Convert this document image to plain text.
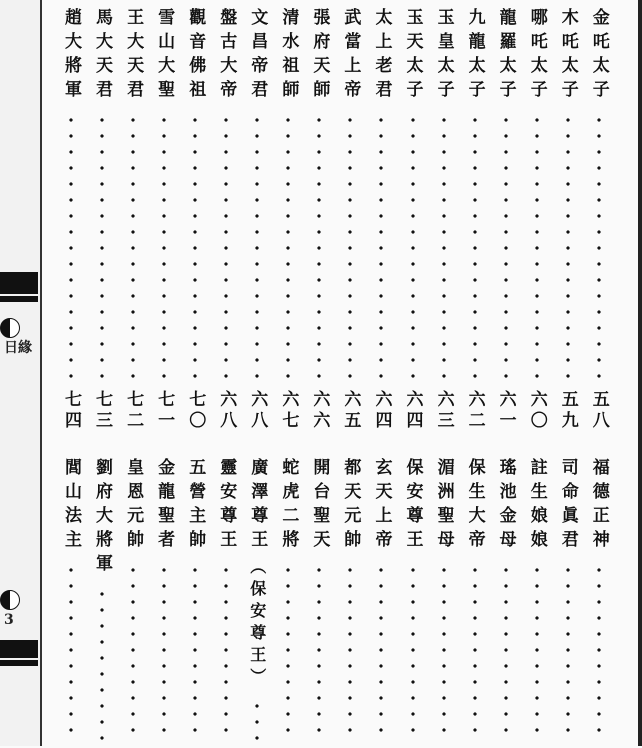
日緣
3
金吒太子
五八
木吒太子
五九
哪吒太子
六〇
龍羅太子
六一
九龍太子
六二
玉皇太子
六三
玉天太子
六四
太上老君
六四
武當上帝
六五
張府天師
六六
清水祖師
六七
文昌帝君
六八
盤古大帝
六八
觀音佛祖
七〇
雪山大聖
七一
王大天君
七二
馬大天君
七三
趙大將軍
七四
福德正神
司命眞君
註生娘娘
瑤池金母
保生大帝
湄洲聖母
保安尊王
玄天上帝
都天元帥
開台聖天
蛇虎二將
廣澤尊王
（保安尊王）
靈安尊王
五營主帥
金龍聖者
皇恩元帥
劉府大將軍
閭山法主
